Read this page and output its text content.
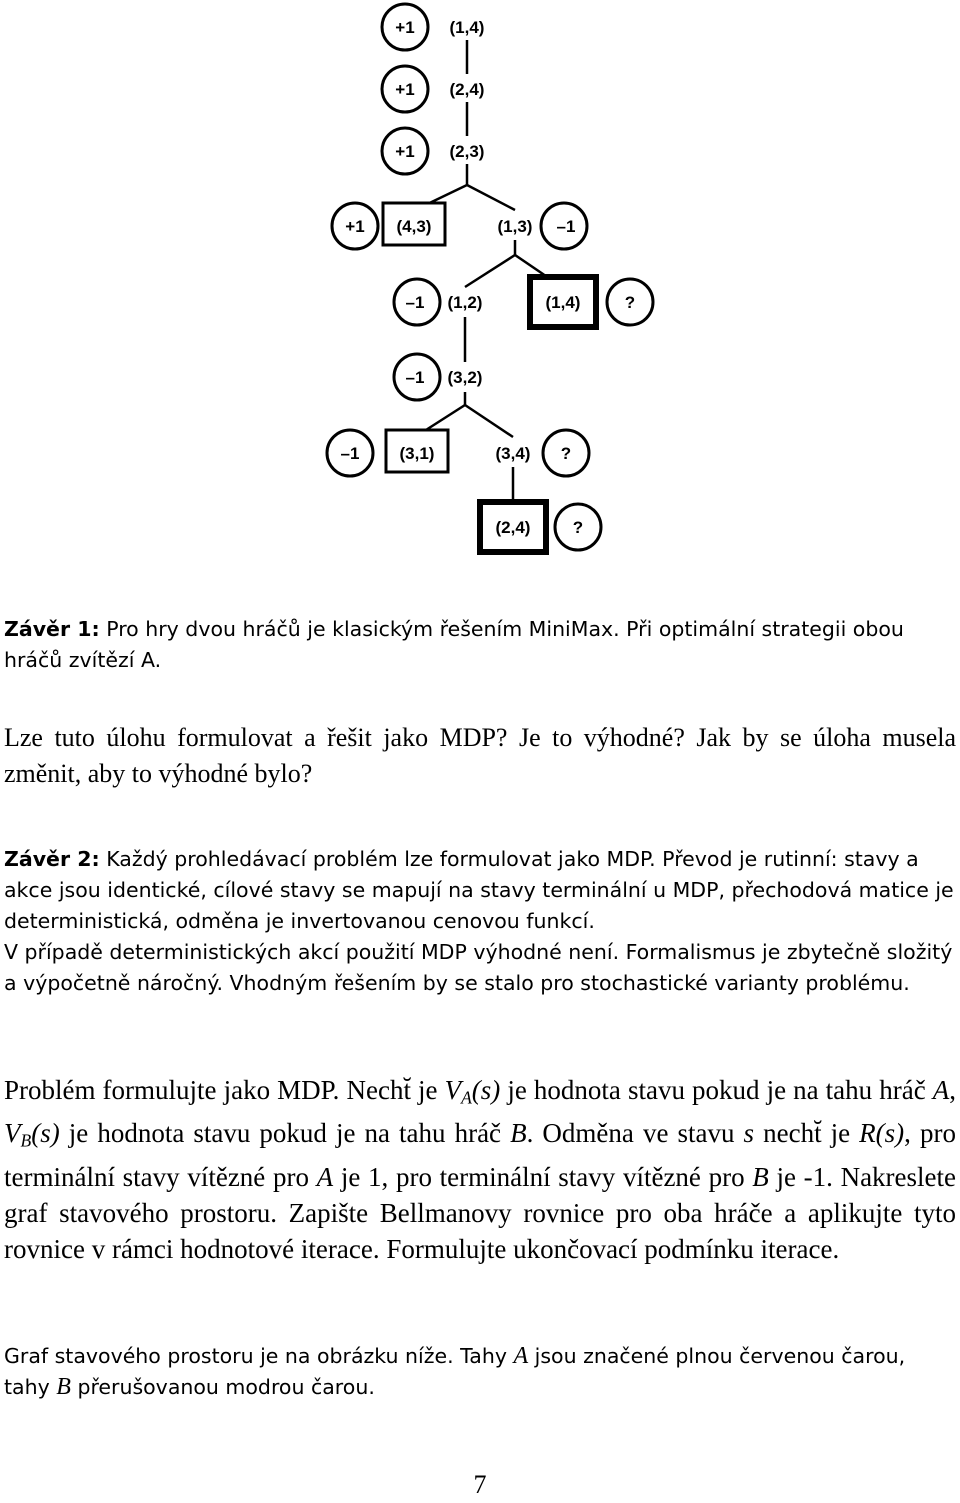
(1,4)
+1
(2,4)
+1
(2,3)
+1
(4,3)
+1	(1,3) –1
(1,2)
–1	(1,4)	?
(3,2)
–1
(3,1)
–1	(3,4) ?
(2,4) ?

Závěr 1: Pro hry dvou hráčů je klasickým řešením MiniMax. Při optimální strategii obou hráčů zvítězí A.

Lze tuto úlohu formulovat a řešit jako MDP? Je to výhodné? Jak by se úloha musela změnit, aby to výhodné bylo?

Závěr 2: Každý prohledávací problém lze formulovat jako MDP. Převod je rutinní: stavy a akce jsou identické, cílové stavy se mapují na stavy terminální u MDP, přechodová matice je deterministická, odměna je invertovanou cenovou funkcí.
V případě deterministických akcí použití MDP výhodné není. Formalismus je zbytečně složitý a výpočetně náročný. Vhodným řešením by se stalo pro stochastické varianty problému.

Problém formulujte jako MDP. Necht̆ je $V_A(s)$ je hodnota stavu pokud je na tahu hráč A, $V_B(s)$ je hodnota stavu pokud je na tahu hráč B. Odměna ve stavu s necht̆ je R(s), pro terminální stavy vítězné pro A je 1, pro terminální stavy vítězné pro B je -1. Nakreslete graf stavového prostoru. Zapište Bellmanovy rovnice pro oba hráče a aplikujte tyto rovnice v rámci hodnotové iterace. Formulujte ukončovací podmínku iterace.

Graf stavového prostoru je na obrázku níže. Tahy A jsou značené plnou červenou čarou, tahy B přerušovanou modrou čarou.

7
